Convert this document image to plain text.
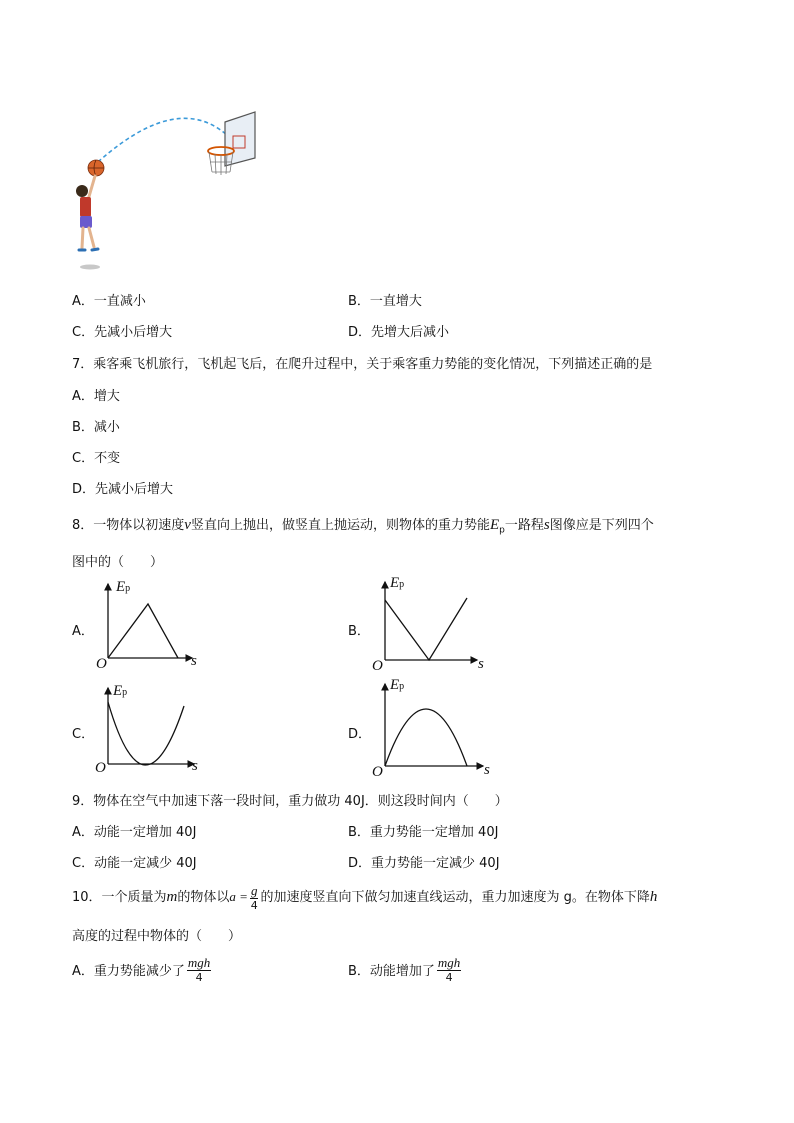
A．一直减小	B．一直增大
C．先减小后增大	D．先增大后减小
7．乘客乘飞机旅行，飞机起飞后，在爬升过程中，关于乘客重力势能的变化情况，下列描述正确的是
A．增大
B．减小
C．不变
D．先减小后增大
8．一物体以初速度v竖直向上抛出，做竖直上抛运动，则物体的重力势能$E_p$一路程s图像应是下列四个
图中的（　　）
A．	B．
C．	D．
Ep
O	s
Ep
O	s
Ep
O	s
Ep
O	s
9．物体在空气中加速下落一段时间，重力做功 40J．则这段时间内（　　）
A．动能一定增加 40J	B．重力势能一定增加 40J
C．动能一定减少 40J	D．重力势能一定减少 40J
10．一个质量为m的物体以$a = \frac{g}{4}$ 的加速度竖直向下做匀加速直线运动，重力加速度为 g。在物体下降h
高度的过程中物体的（　　）
A．重力势能减少了 $\frac{\text{mgh}}{4}$	B．动能增加了 $\frac{\text{mgh}}{4}$
